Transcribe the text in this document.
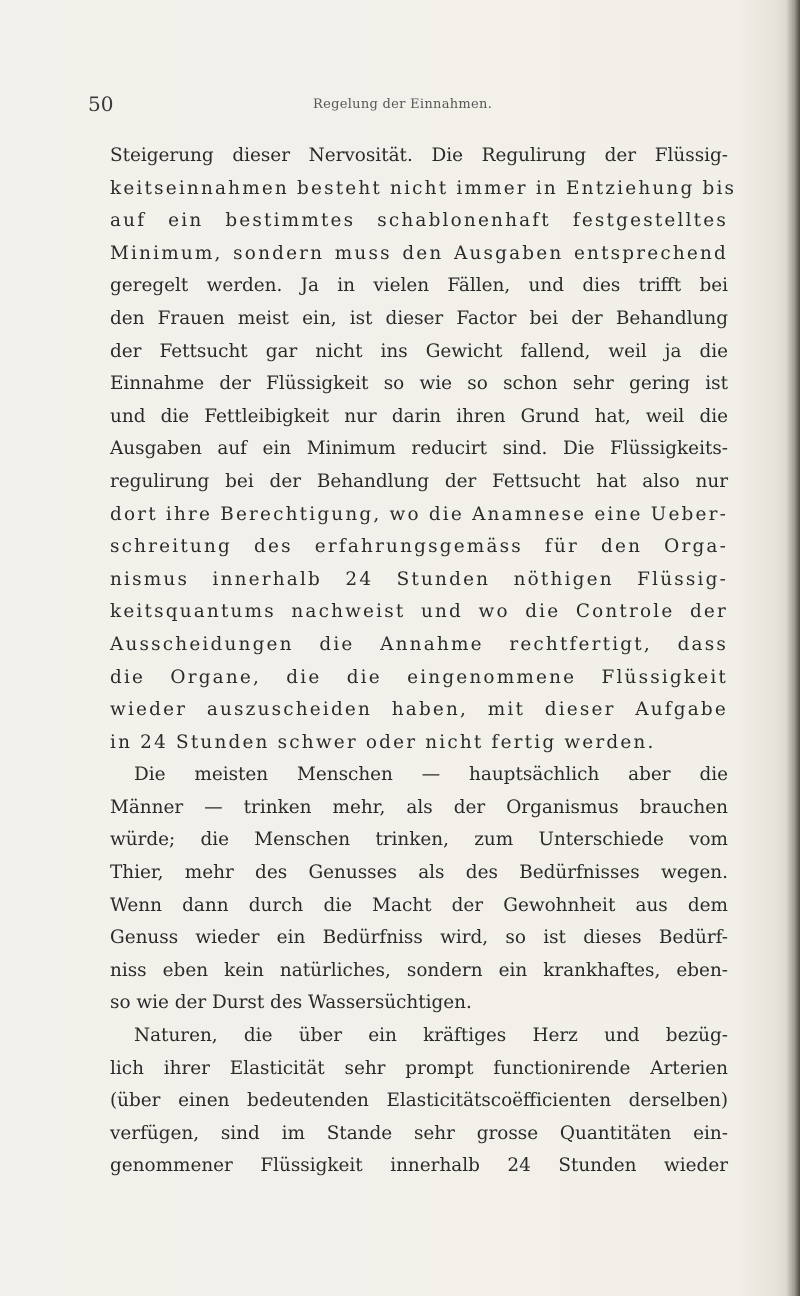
50	Regelung der Einnahmen.
Steigerung dieser Nervosität. Die Regulirung der Flüssig-
keitseinnahmen besteht nicht immer in Entziehung bis
auf ein bestimmtes schablonenhaft festgestelltes
Minimum, sondern muss den Ausgaben entsprechend
geregelt werden. Ja in vielen Fällen, und dies trifft bei
den Frauen meist ein, ist dieser Factor bei der Behandlung
der Fettsucht gar nicht ins Gewicht fallend, weil ja die
Einnahme der Flüssigkeit so wie so schon sehr gering ist
und die Fettleibigkeit nur darin ihren Grund hat, weil die
Ausgaben auf ein Minimum reducirt sind. Die Flüssigkeits-
regulirung bei der Behandlung der Fettsucht hat also nur
dort ihre Berechtigung, wo die Anamnese eine Ueber-
schreitung des erfahrungsgemäss für den Orga-
nismus innerhalb 24 Stunden nöthigen Flüssig-
keitsquantums nachweist und wo die Controle der
Ausscheidungen die Annahme rechtfertigt, dass
die Organe, die die eingenommene Flüssigkeit
wieder auszuscheiden haben, mit dieser Aufgabe
in 24 Stunden schwer oder nicht fertig werden.
Die meisten Menschen — hauptsächlich aber die
Männer — trinken mehr, als der Organismus brauchen
würde; die Menschen trinken, zum Unterschiede vom
Thier, mehr des Genusses als des Bedürfnisses wegen.
Wenn dann durch die Macht der Gewohnheit aus dem
Genuss wieder ein Bedürfniss wird, so ist dieses Bedürf-
niss eben kein natürliches, sondern ein krankhaftes, eben-
so wie der Durst des Wassersüchtigen.
Naturen, die über ein kräftiges Herz und bezüg-
lich ihrer Elasticität sehr prompt functionirende Arterien
(über einen bedeutenden Elasticitätscoëfficienten derselben)
verfügen, sind im Stande sehr grosse Quantitäten ein-
genommener Flüssigkeit innerhalb 24 Stunden wieder
